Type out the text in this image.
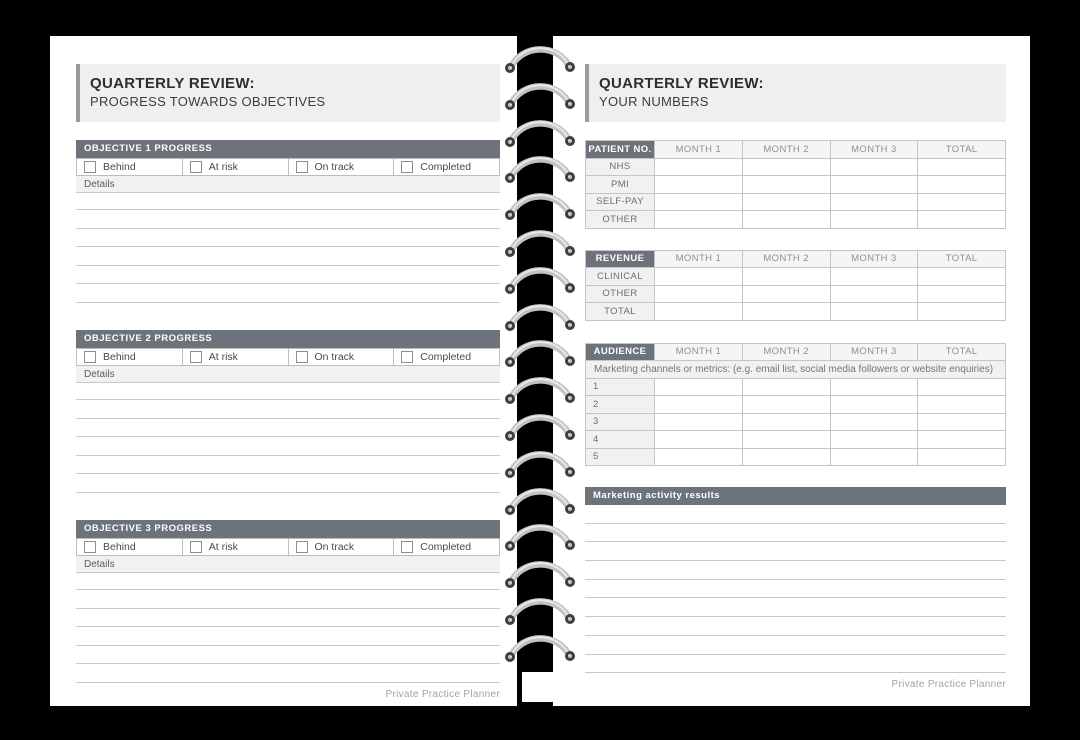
QUARTERLY REVIEW:
PROGRESS TOWARDS OBJECTIVES
OBJECTIVE 1 PROGRESS
Behind	At risk	On track	Completed
Details
OBJECTIVE 2 PROGRESS
Behind	At risk	On track	Completed
Details
OBJECTIVE 3 PROGRESS
Behind	At risk	On track	Completed
Details
Private Practice Planner
QUARTERLY REVIEW:
YOUR NUMBERS
PATIENT NO.	MONTH 1	MONTH 2	MONTH 3	TOTAL
NHS
PMI
SELF-PAY
OTHER
REVENUE	MONTH 1	MONTH 2	MONTH 3	TOTAL
CLINICAL
OTHER
TOTAL
AUDIENCE	MONTH 1	MONTH 2	MONTH 3	TOTAL
Marketing channels or metrics: (e.g. email list, social media followers or website enquiries)
1
2
3
4
5
Marketing activity results
Private Practice Planner
